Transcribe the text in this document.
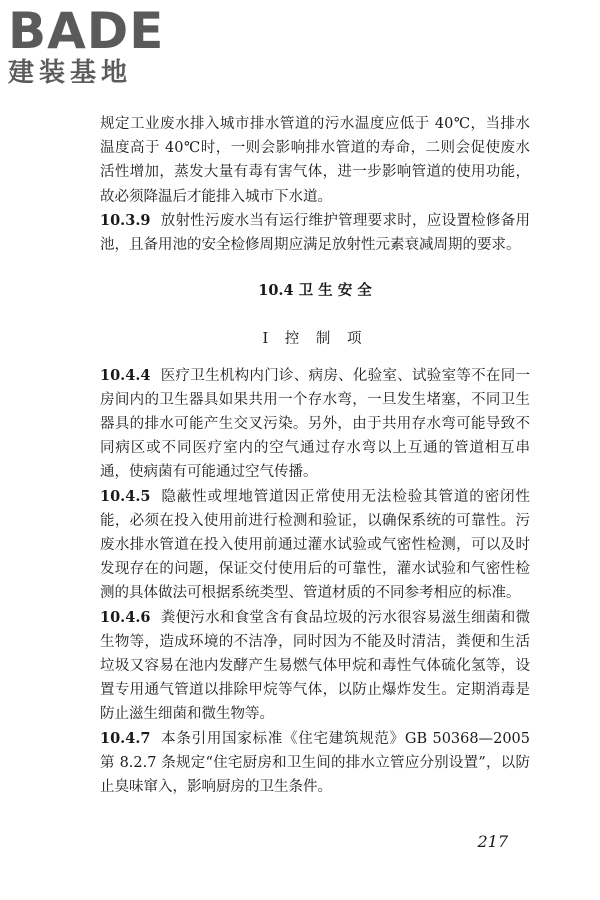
BADE
建装基地

规定工业废水排入城市排水管道的污水温度应低于 40℃，当排水温度高于 40℃时，一则会影响排水管道的寿命，二则会促使废水活性增加，蒸发大量有毒有害气体，进一步影响管道的使用功能，故必须降温后才能排入城市下水道。

10.3.9 放射性污废水当有运行维护管理要求时，应设置检修备用池，且备用池的安全检修周期应满足放射性元素衰减周期的要求。

10.4 卫 生 安 全
Ⅰ 控 制 项

10.4.4 医疗卫生机构内门诊、病房、化验室、试验室等不在同一房间内的卫生器具如果共用一个存水弯，一旦发生堵塞，不同卫生器具的排水可能产生交叉污染。另外，由于共用存水弯可能导致不同病区或不同医疗室内的空气通过存水弯以上互通的管道相互串通，使病菌有可能通过空气传播。

10.4.5 隐蔽性或埋地管道因正常使用无法检验其管道的密闭性能，必须在投入使用前进行检测和验证，以确保系统的可靠性。污废水排水管道在投入使用前通过灌水试验或气密性检测，可以及时发现存在的问题，保证交付使用后的可靠性，灌水试验和气密性检测的具体做法可根据系统类型、管道材质的不同参考相应的标准。

10.4.6 粪便污水和食堂含有食品垃圾的污水很容易滋生细菌和微生物等，造成环境的不洁净，同时因为不能及时清洁，粪便和生活垃圾又容易在池内发酵产生易燃气体甲烷和毒性气体硫化氢等，设置专用通气管道以排除甲烷等气体，以防止爆炸发生。定期消毒是防止滋生细菌和微生物等。

10.4.7 本条引用国家标准《住宅建筑规范》GB 50368—2005 第 8.2.7 条规定“住宅厨房和卫生间的排水立管应分别设置”，以防止臭味窜入，影响厨房的卫生条件。

217
